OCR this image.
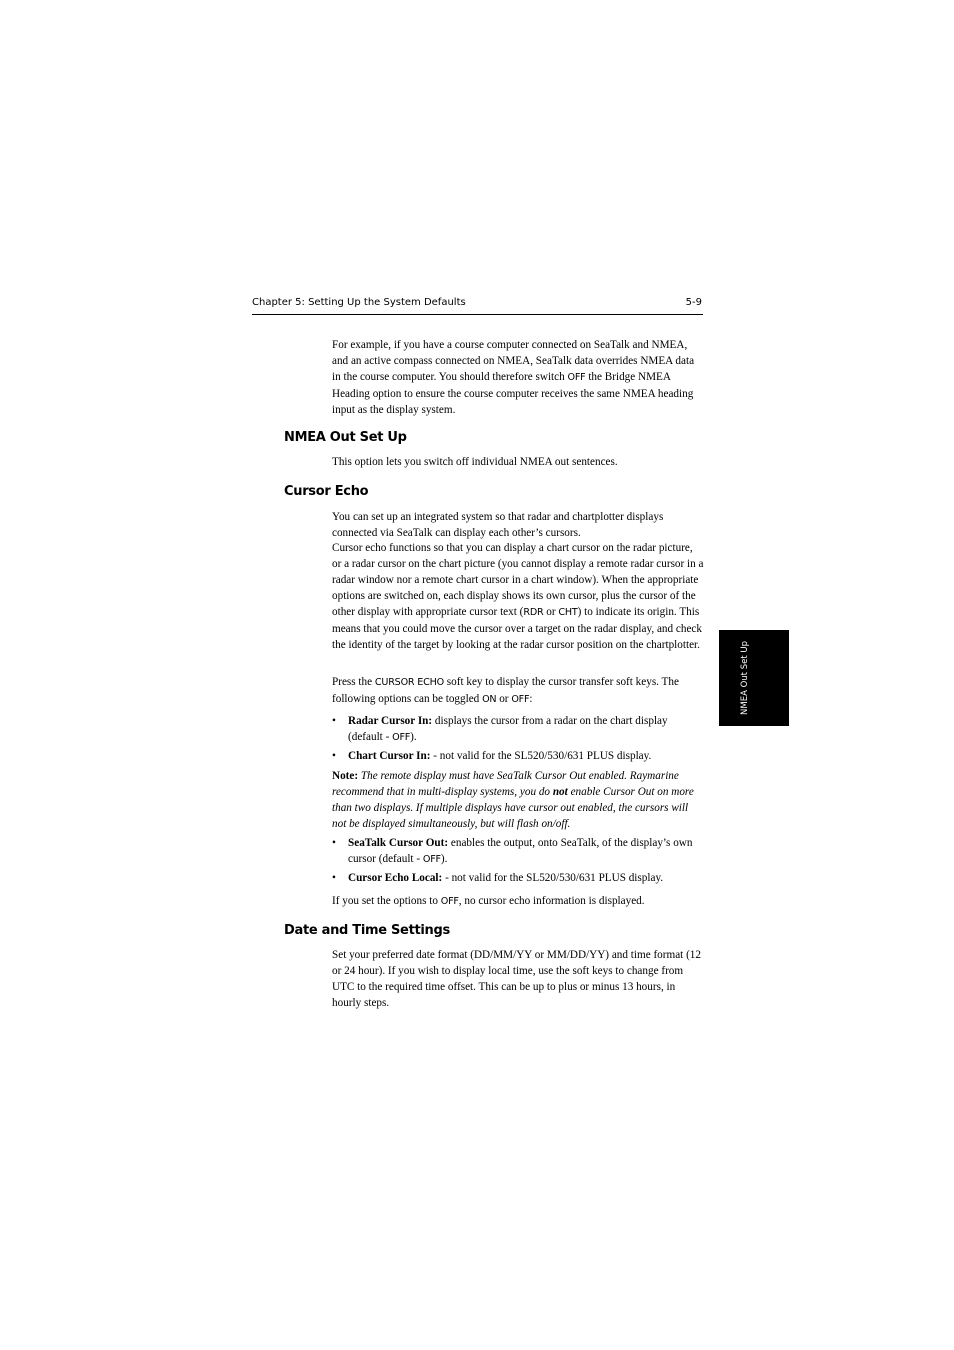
Chapter 5: Setting Up the System Defaults	5-9
NMEA Out Set Up

For example, if you have a course computer connected on SeaTalk and NMEA, and an active compass connected on NMEA, SeaTalk data overrides NMEA data in the course computer. You should therefore switch OFF the Bridge NMEA Heading option to ensure the course computer receives the same NMEA heading input as the display system.

NMEA Out Set Up

This option lets you switch off individual NMEA out sentences.

Cursor Echo

You can set up an integrated system so that radar and chartplotter displays connected via SeaTalk can display each other’s cursors.

Cursor echo functions so that you can display a chart cursor on the radar picture, or a radar cursor on the chart picture (you cannot display a remote radar cursor in a radar window nor a remote chart cursor in a chart window). When the appropriate options are switched on, each display shows its own cursor, plus the cursor of the other display with appropriate cursor text (RDR or CHT) to indicate its origin. This means that you could move the cursor over a target on the radar display, and check the identity of the target by looking at the radar cursor position on the chartplotter.

Press the CURSOR ECHO soft key to display the cursor transfer soft keys. The following options can be toggled ON or OFF:

• Radar Cursor In: displays the cursor from a radar on the chart display (default - OFF).
• Chart Cursor In: - not valid for the SL520/530/631 PLUS display.

Note: The remote display must have SeaTalk Cursor Out enabled. Raymarine recommend that in multi-display systems, you do not enable Cursor Out on more than two displays. If multiple displays have cursor out enabled, the cursors will not be displayed simultaneously, but will flash on/off.

• SeaTalk Cursor Out: enables the output, onto SeaTalk, of the display’s own cursor (default - OFF).
• Cursor Echo Local: - not valid for the SL520/530/631 PLUS display.

If you set the options to OFF, no cursor echo information is displayed.

Date and Time Settings

Set your preferred date format (DD/MM/YY or MM/DD/YY) and time format (12 or 24 hour). If you wish to display local time, use the soft keys to change from UTC to the required time offset. This can be up to plus or minus 13 hours, in hourly steps.
